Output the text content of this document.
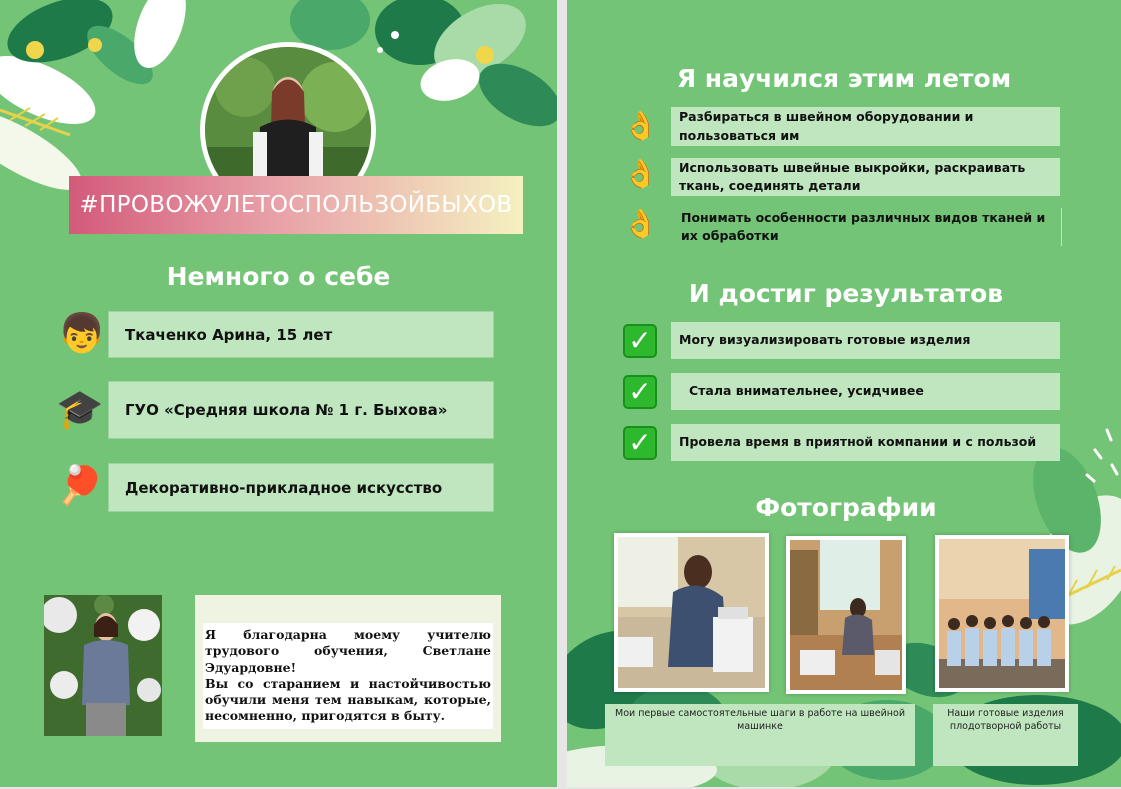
#ПРОВОЖУЛЕТОСПОЛЬЗОЙБЫХОВ
Немного о себе
👦 Ткаченко Арина, 15 лет
🎓 ГУО «Средняя школа № 1 г. Быхова»
🏓 Декоративно-прикладное искусство
Я благодарна моему учителю трудового обучения, Светлане Эдуардовне!
Вы со старанием и настойчивостью обучили меня тем навыкам, которые, несомненно, пригодятся в быту.
Я научился этим летом
👌 Разбираться в швейном оборудовании и пользоваться им
👌 Использовать швейные выкройки, раскраивать ткань, соединять детали
👌 Понимать особенности различных видов тканей и их обработки
И достиг результатов
✓	Могу визуализировать готовые изделия
✓	Стала внимательнее, усидчивее
✓	Провела время в приятной компании и с пользой
Фотографии
Мои первые самостоятельные шаги в работе на швейной машинке
Наши готовые изделия плодотворной работы
